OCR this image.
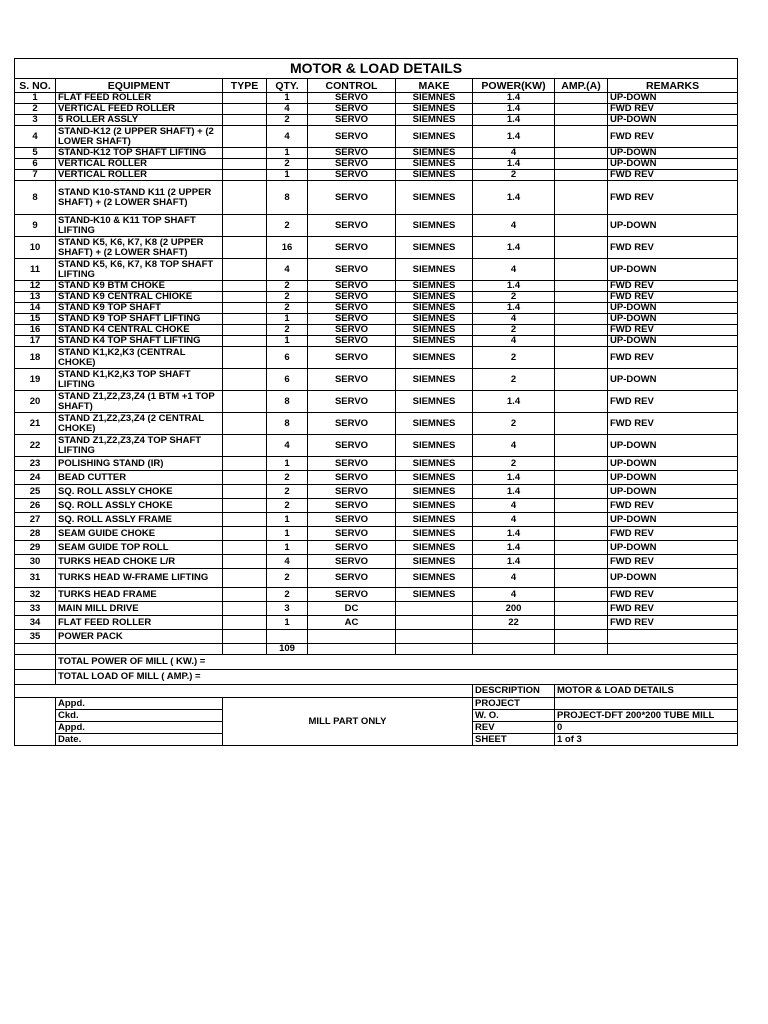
MOTOR & LOAD DETAILS								
S. NO.	EQUIPMENT	TYPE	QTY.	CONTROL	MAKE	POWER(KW)	AMP.(A)	REMARKS
1	FLAT FEED ROLLER		1	SERVO	SIEMNES	1.4		UP-DOWN
2	VERTICAL FEED ROLLER		4	SERVO	SIEMNES	1.4		FWD REV
3	5 ROLLER ASSLY		2	SERVO	SIEMNES	1.4		UP-DOWN
4	STAND-K12 (2 UPPER SHAFT) + (2 LOWER SHAFT)		4	SERVO	SIEMNES	1.4		FWD REV
5	STAND-K12 TOP SHAFT LIFTING		1	SERVO	SIEMNES	4		UP-DOWN
6	VERTICAL ROLLER		2	SERVO	SIEMNES	1.4		UP-DOWN
7	VERTICAL ROLLER		1	SERVO	SIEMNES	2		FWD REV
8	STAND K10-STAND K11 (2 UPPER SHAFT) + (2 LOWER SHAFT)		8	SERVO	SIEMNES	1.4		FWD REV
9	STAND-K10 & K11 TOP SHAFT LIFTING		2	SERVO	SIEMNES	4		UP-DOWN
10	STAND K5, K6, K7, K8 (2 UPPER SHAFT) + (2 LOWER SHAFT)		16	SERVO	SIEMNES	1.4		FWD REV
11	STAND K5, K6, K7, K8 TOP SHAFT LIFTING		4	SERVO	SIEMNES	4		UP-DOWN
12	STAND K9 BTM CHOKE		2	SERVO	SIEMNES	1.4		FWD REV
13	STAND K9 CENTRAL CHIOKE		2	SERVO	SIEMNES	2		FWD REV
14	STAND K9 TOP SHAFT		2	SERVO	SIEMNES	1.4		UP-DOWN
15	STAND K9 TOP SHAFT LIFTING		1	SERVO	SIEMNES	4		UP-DOWN
16	STAND K4 CENTRAL CHOKE		2	SERVO	SIEMNES	2		FWD REV
17	STAND K4 TOP SHAFT LIFTING		1	SERVO	SIEMNES	4		UP-DOWN
18	STAND K1,K2,K3 (CENTRAL CHOKE)		6	SERVO	SIEMNES	2		FWD REV
19	STAND K1,K2,K3 TOP SHAFT LIFTING		6	SERVO	SIEMNES	2		UP-DOWN
20	STAND Z1,Z2,Z3,Z4 (1 BTM +1 TOP SHAFT)		8	SERVO	SIEMNES	1.4		FWD REV
21	STAND Z1,Z2,Z3,Z4 (2 CENTRAL CHOKE)		8	SERVO	SIEMNES	2		FWD REV
22	STAND Z1,Z2,Z3,Z4 TOP SHAFT LIFTING		4	SERVO	SIEMNES	4		UP-DOWN
23	POLISHING STAND (IR)		1	SERVO	SIEMNES	2		UP-DOWN
24	BEAD CUTTER		2	SERVO	SIEMNES	1.4		UP-DOWN
25	SQ. ROLL ASSLY CHOKE		2	SERVO	SIEMNES	1.4		UP-DOWN
26	SQ. ROLL ASSLY CHOKE		2	SERVO	SIEMNES	4		FWD REV
27	SQ. ROLL ASSLY FRAME		1	SERVO	SIEMNES	4		UP-DOWN
28	SEAM GUIDE CHOKE		1	SERVO	SIEMNES	1.4		FWD REV
29	SEAM GUIDE TOP ROLL		1	SERVO	SIEMNES	1.4		UP-DOWN
30	TURKS HEAD CHOKE L/R		4	SERVO	SIEMNES	1.4		FWD REV
31	TURKS HEAD W-FRAME LIFTING		2	SERVO	SIEMNES	4		UP-DOWN
32	TURKS HEAD FRAME		2	SERVO	SIEMNES	4		FWD REV
33	MAIN MILL DRIVE		3	DC		200		FWD REV
34	FLAT FEED ROLLER		1	AC		22		FWD REV
35	POWER PACK							
			109					
	TOTAL POWER OF MILL ( KW.) =							
	TOTAL LOAD OF MILL ( AMP.) =							
						DESCRIPTION	MOTOR & LOAD DETAILS	
	Appd.	MILL PART ONLY				PROJECT		
	Ckd.					W. O.	PROJECT-DFT 200*200 TUBE MILL	
	Appd.					REV	0	
	Date.					SHEET	1 of 3	
